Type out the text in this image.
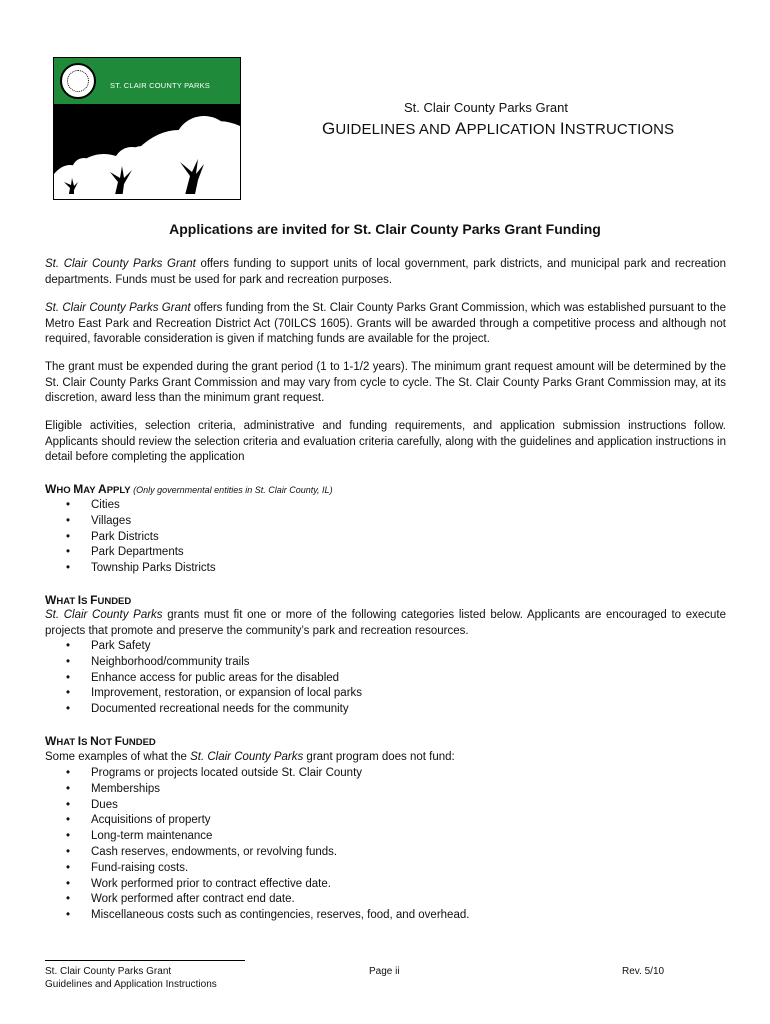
ST. CLAIR COUNTY PARKS
St. Clair County Parks Grant
GUIDELINES AND APPLICATION INSTRUCTIONS
Applications are invited for St. Clair County Parks Grant Funding

St. Clair County Parks Grant offers funding to support units of local government, park districts, and municipal park and recreation departments. Funds must be used for park and recreation purposes.

St. Clair County Parks Grant offers funding from the St. Clair County Parks Grant Commission, which was established pursuant to the Metro East Park and Recreation District Act (70ILCS 1605). Grants will be awarded through a competitive process and although not required, favorable consideration is given if matching funds are available for the project.

The grant must be expended during the grant period (1 to 1-1/2 years). The minimum grant request amount will be determined by the St. Clair County Parks Grant Commission and may vary from cycle to cycle. The St. Clair County Parks Grant Commission may, at its discretion, award less than the minimum grant request.

Eligible activities, selection criteria, administrative and funding requirements, and application submission instructions follow. Applicants should review the selection criteria and evaluation criteria carefully, along with the guidelines and application instructions in detail before completing the application

WHO MAY APPLY (Only governmental entities in St. Clair County, IL)
• Cities
• Villages
• Park Districts
• Park Departments
• Township Parks Districts
WHAT IS FUNDED

St. Clair County Parks grants must fit one or more of the following categories listed below. Applicants are encouraged to execute projects that promote and preserve the community’s park and recreation resources.

• Park Safety
• Neighborhood/community trails
• Enhance access for public areas for the disabled
• Improvement, restoration, or expansion of local parks
• Documented recreational needs for the community
WHAT IS NOT FUNDED

Some examples of what the St. Clair County Parks grant program does not fund:

• Programs or projects located outside St. Clair County
• Memberships
• Dues
• Acquisitions of property
• Long-term maintenance
• Cash reserves, endowments, or revolving funds.
• Fund-raising costs.
• Work performed prior to contract effective date.
• Work performed after contract end date.
• Miscellaneous costs such as contingencies, reserves, food, and overhead.
St. Clair County Parks Grant
Guidelines and Application Instructions
Page ii	Rev. 5/10
